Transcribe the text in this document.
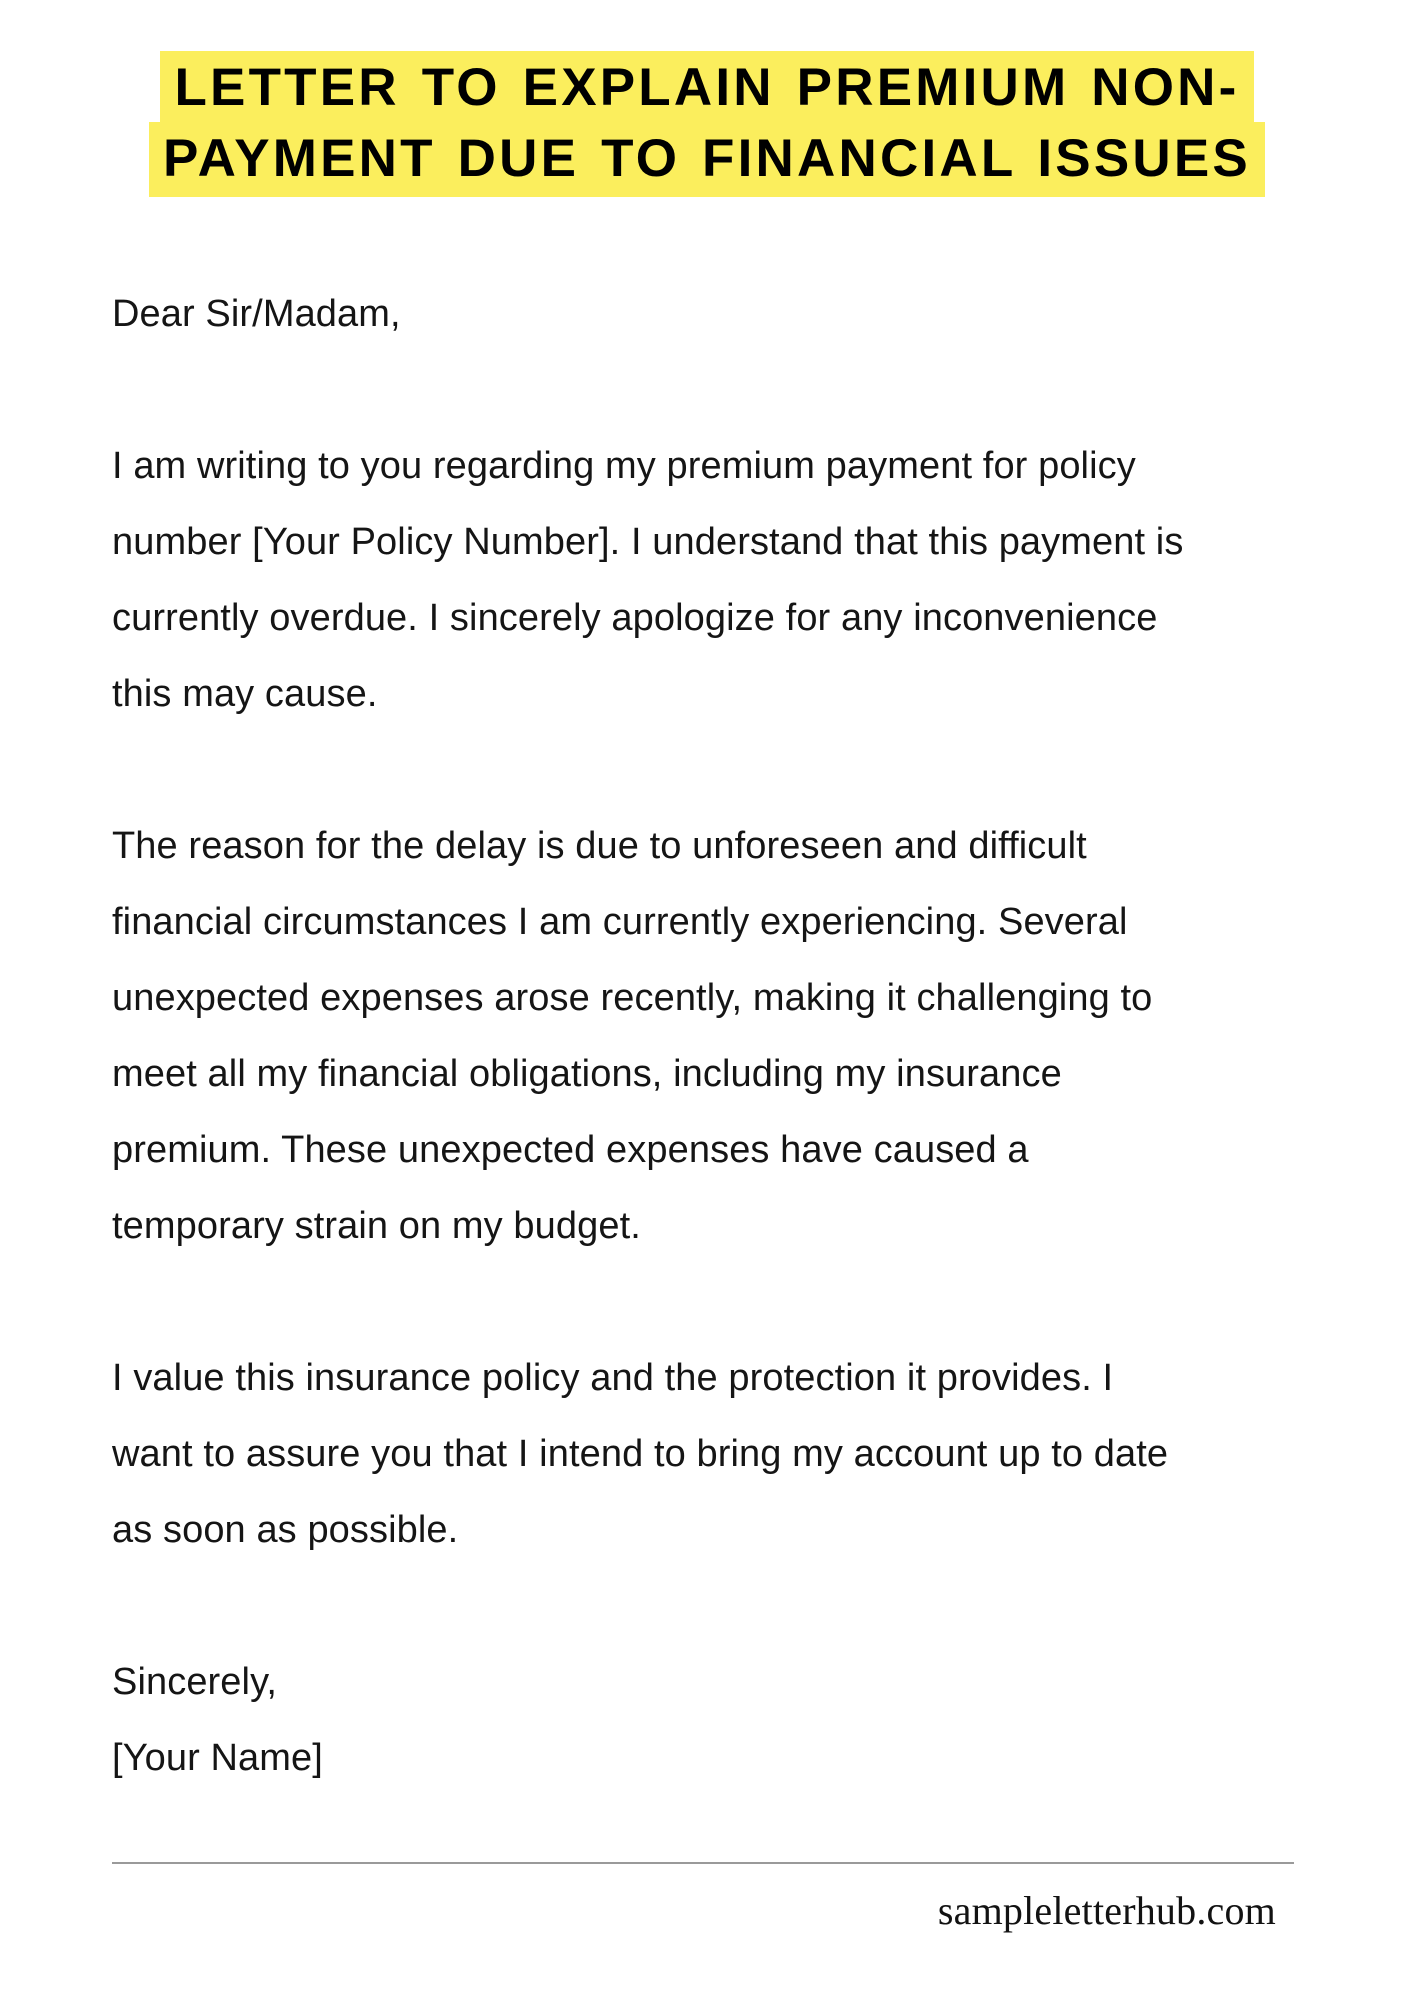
LETTER TO EXPLAIN PREMIUM NON-PAYMENT DUE TO FINANCIAL ISSUES

Dear Sir/Madam,

I am writing to you regarding my premium payment for policy number [Your Policy Number]. I understand that this payment is currently overdue. I sincerely apologize for any inconvenience this may cause.

The reason for the delay is due to unforeseen and difficult financial circumstances I am currently experiencing. Several unexpected expenses arose recently, making it challenging to meet all my financial obligations, including my insurance premium. These unexpected expenses have caused a temporary strain on my budget.

I value this insurance policy and the protection it provides. I want to assure you that I intend to bring my account up to date as soon as possible.

Sincerely,

[Your Name]

sampleletterhub.com
